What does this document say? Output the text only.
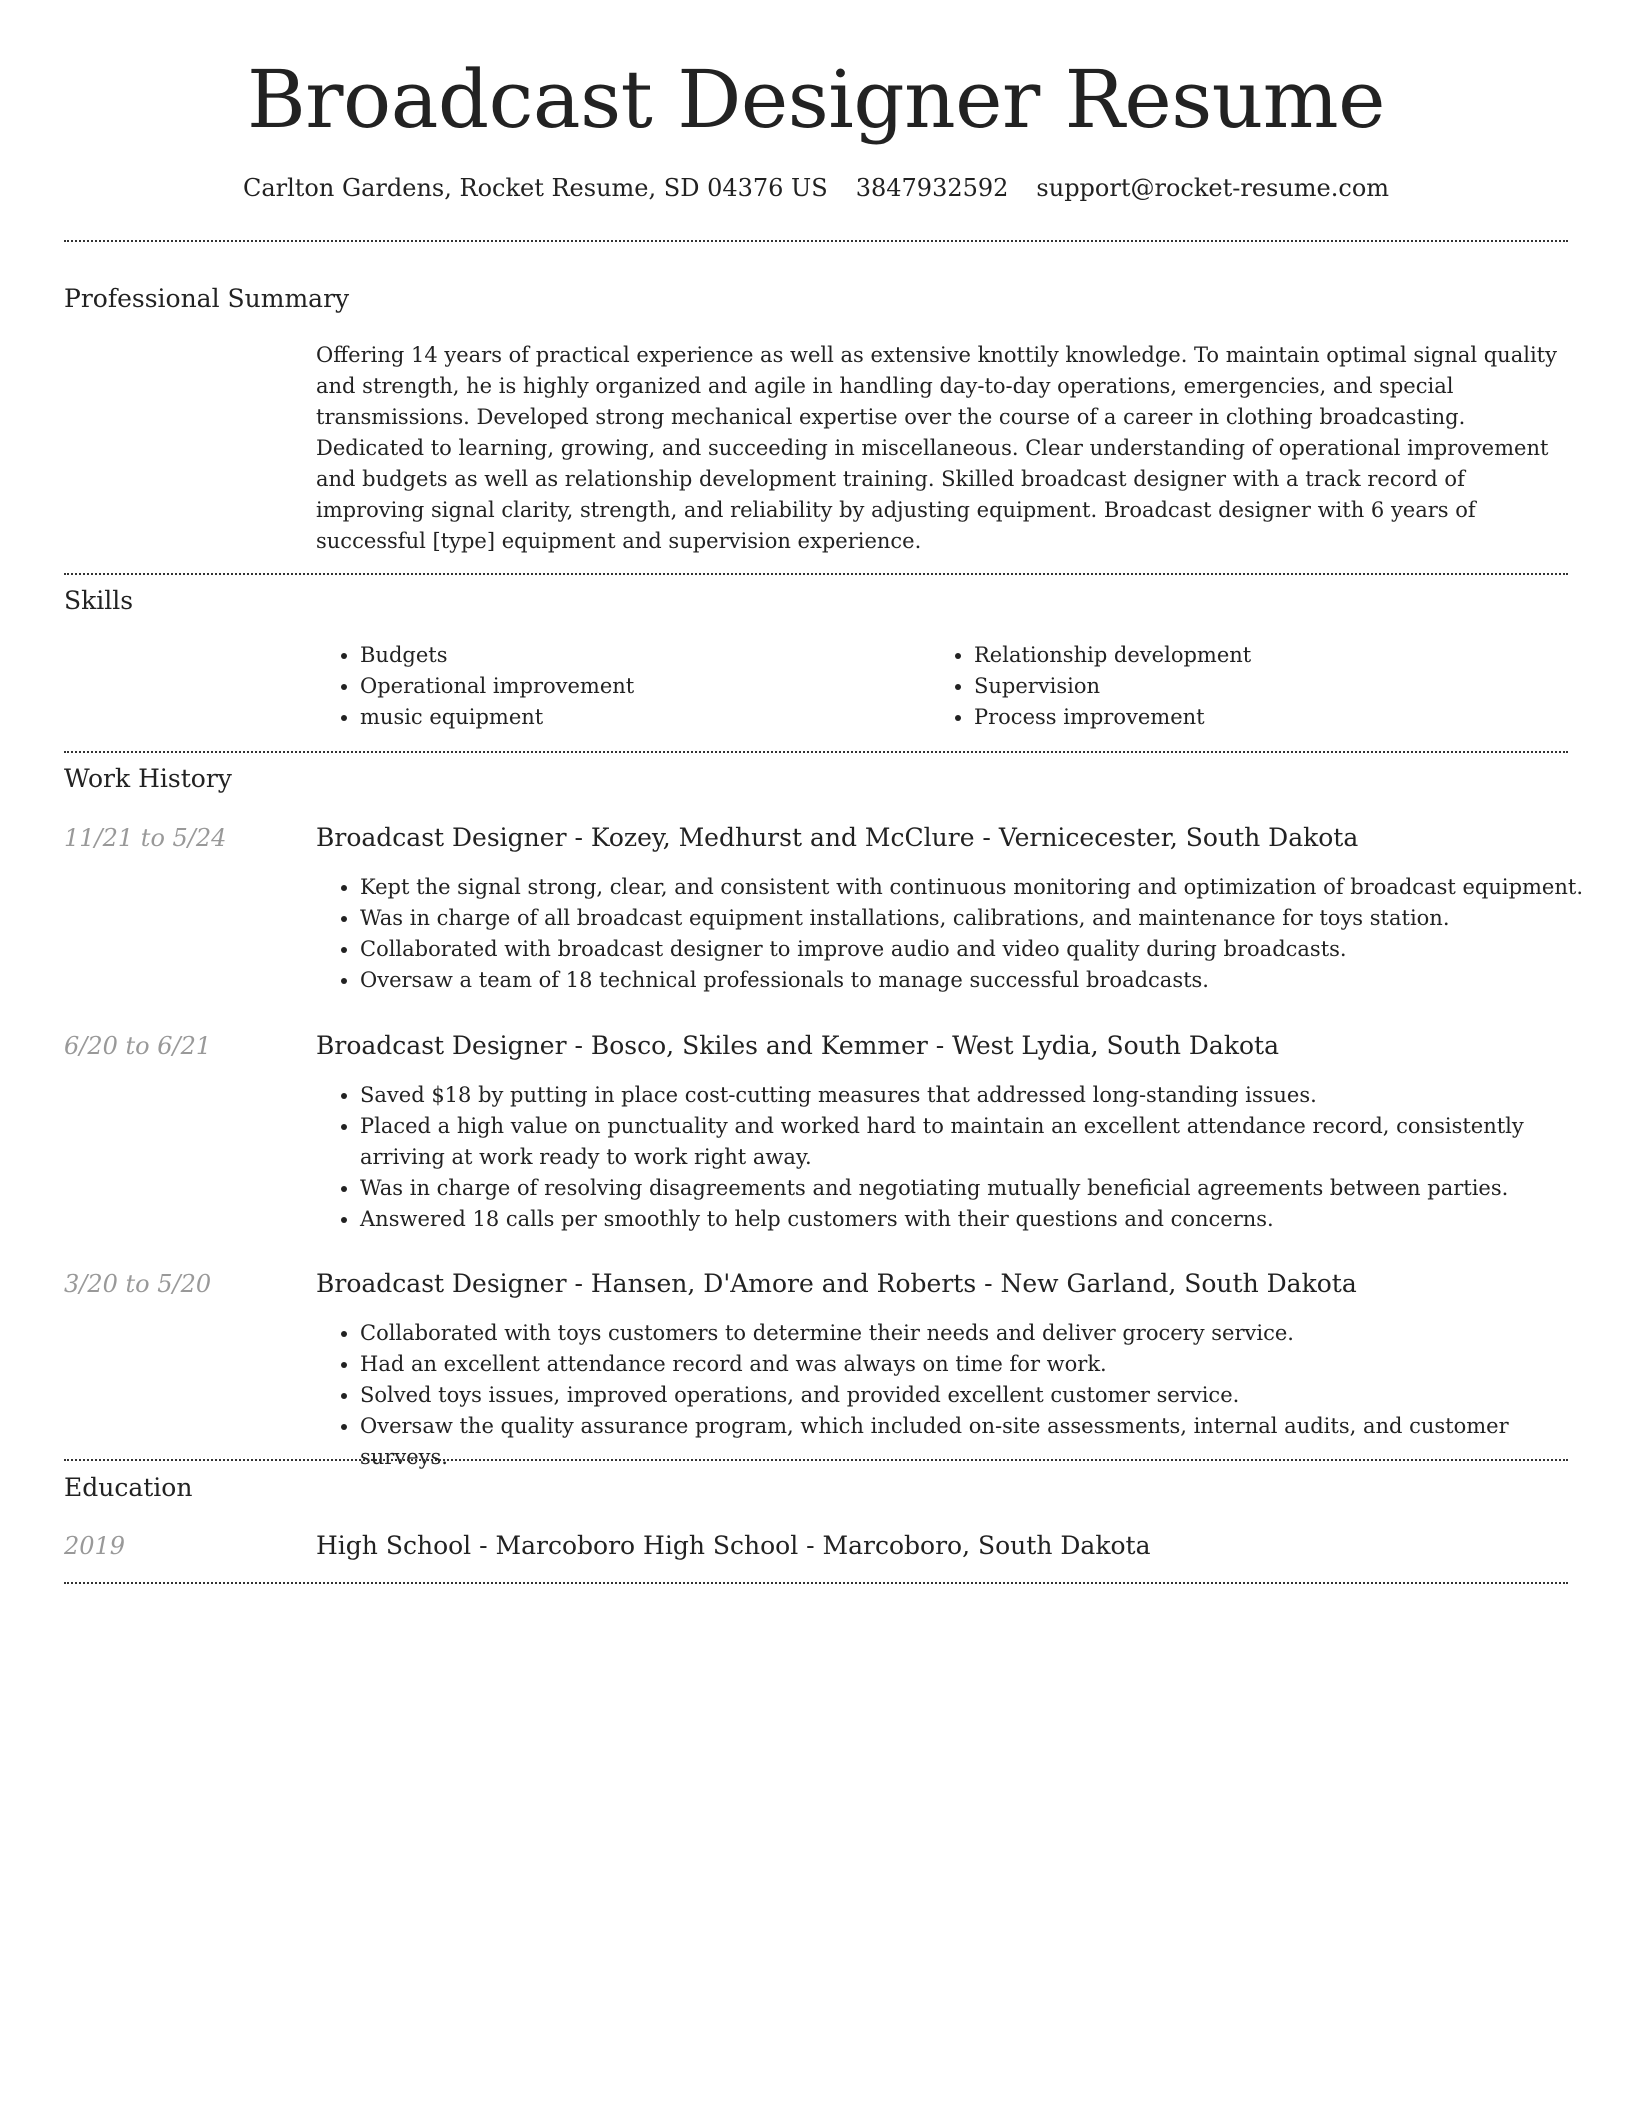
Broadcast Designer Resume
Carlton Gardens, Rocket Resume, SD 04376 US 3847932592 support@rocket-resume.com
Professional Summary
Offering 14 years of practical experience as well as extensive knottily knowledge. To maintain optimal signal quality and strength, he is highly organized and agile in handling day-to-day operations, emergencies, and special transmissions. Developed strong mechanical expertise over the course of a career in clothing broadcasting. Dedicated to learning, growing, and succeeding in miscellaneous. Clear understanding of operational improvement and budgets as well as relationship development training. Skilled broadcast designer with a track record of improving signal clarity, strength, and reliability by adjusting equipment. Broadcast designer with 6 years of successful [type] equipment and supervision experience.
Skills
• Budgets
• Operational improvement
• music equipment
• Relationship development
• Supervision
• Process improvement
Work History
11/21 to 5/24	Broadcast Designer - Kozey, Medhurst and McClure - Vernicecester, South Dakota
• Kept the signal strong, clear, and consistent with continuous monitoring and optimization of broadcast equipment.
• Was in charge of all broadcast equipment installations, calibrations, and maintenance for toys station.
• Collaborated with broadcast designer to improve audio and video quality during broadcasts.
• Oversaw a team of 18 technical professionals to manage successful broadcasts.
6/20 to 6/21	Broadcast Designer - Bosco, Skiles and Kemmer - West Lydia, South Dakota
• Saved $18 by putting in place cost-cutting measures that addressed long-standing issues.
• Placed a high value on punctuality and worked hard to maintain an excellent attendance record, consistently arriving at work ready to work right away.
• Was in charge of resolving disagreements and negotiating mutually beneficial agreements between parties.
• Answered 18 calls per smoothly to help customers with their questions and concerns.
3/20 to 5/20	Broadcast Designer - Hansen, D'Amore and Roberts - New Garland, South Dakota
• Collaborated with toys customers to determine their needs and deliver grocery service.
• Had an excellent attendance record and was always on time for work.
• Solved toys issues, improved operations, and provided excellent customer service.
• Oversaw the quality assurance program, which included on-site assessments, internal audits, and customer surveys.
Education
2019	High School - Marcoboro High School - Marcoboro, South Dakota
